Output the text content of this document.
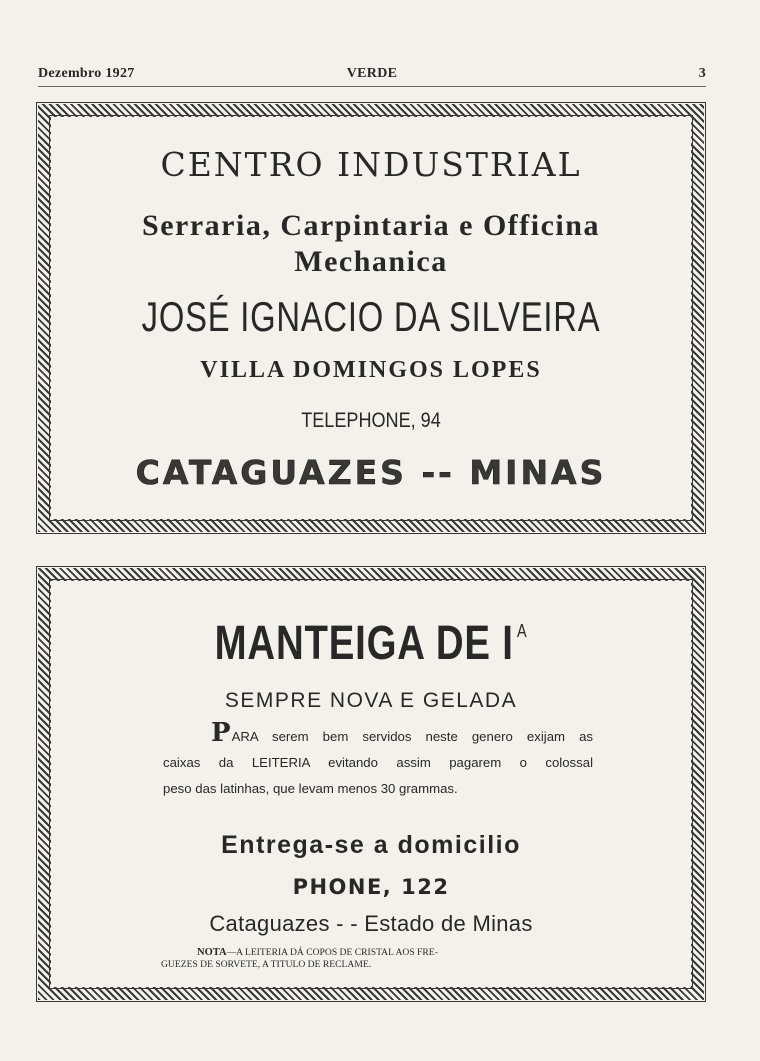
Dezembro 1927	VERDE	3
CENTRO INDUSTRIAL
Serraria, Carpintaria e Officina
Mechanica
JOSÉ IGNACIO DA SILVEIRA
VILLA DOMINGOS LOPES
TELEPHONE, 94
CATAGUAZES -- MINAS
MANTEIGA DE I $^A$
SEMPRE NOVA E GELADA
PARA serem bem servidos neste genero exijam as
caixas da LEITERIA evitando assim pagarem o colossal
peso das latinhas, que levam menos 30 grammas.
Entrega-se a domicilio
PHONE, 122
Cataguazes - - Estado de Minas
NOTA—A LEITERIA DÁ COPOS DE CRISTAL AOS FRE-
GUEZES DE SORVETE, A TITULO DE RECLAME.
